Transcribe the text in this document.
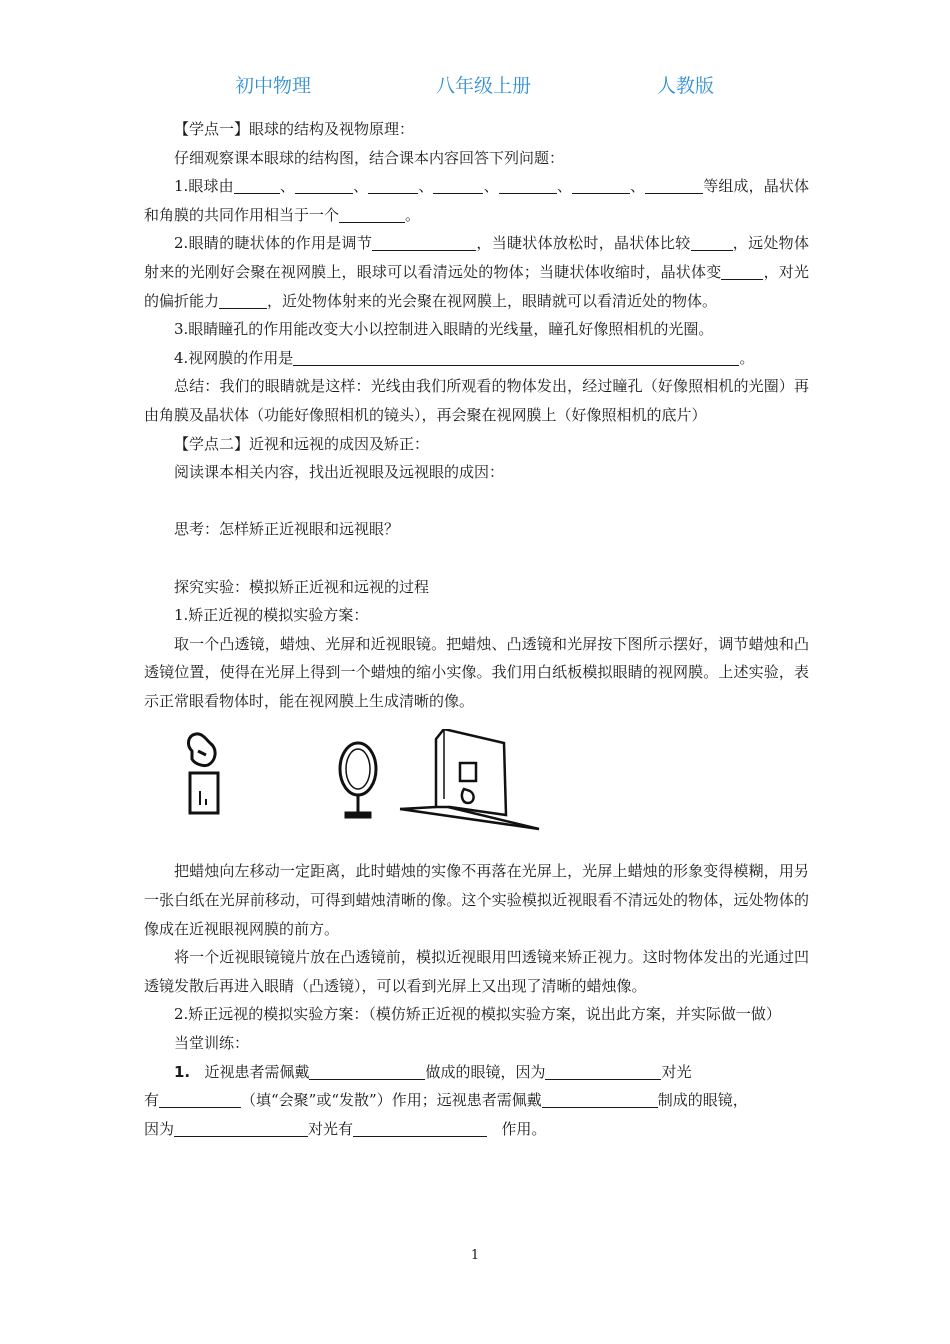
初中物理	八年级上册	人教版

【学点一】眼球的结构及视物原理：

仔细观察课本眼球的结构图，结合课本内容回答下列问题：

1.眼球由	、	、	、	、	、	、	等组成，晶状体和角膜的共同作用相当于一个	。

2.眼睛的睫状体的作用是调节	，当睫状体放松时，晶状体比较	，远处物体射来的光刚好会聚在视网膜上，眼球可以看清远处的物体；当睫状体收缩时，晶状体变	，对光的偏折能力	，近处物体射来的光会聚在视网膜上，眼睛就可以看清近处的物体。

3.眼睛瞳孔的作用能改变大小以控制进入眼睛的光线量，瞳孔好像照相机的光圈。

4.视网膜的作用是	。

总结：我们的眼睛就是这样：光线由我们所观看的物体发出，经过瞳孔（好像照相机的光圈）再由角膜及晶状体（功能好像照相机的镜头），再会聚在视网膜上（好像照相机的底片）

【学点二】近视和远视的成因及矫正：

阅读课本相关内容，找出近视眼及远视眼的成因：

思考：怎样矫正近视眼和远视眼？

探究实验：模拟矫正近视和远视的过程

1.矫正近视的模拟实验方案：

取一个凸透镜，蜡烛、光屏和近视眼镜。把蜡烛、凸透镜和光屏按下图所示摆好，调节蜡烛和凸透镜位置，使得在光屏上得到一个蜡烛的缩小实像。我们用白纸板模拟眼睛的视网膜。上述实验，表示正常眼看物体时，能在视网膜上生成清晰的像。

把蜡烛向左移动一定距离，此时蜡烛的实像不再落在光屏上，光屏上蜡烛的形象变得模糊，用另一张白纸在光屏前移动，可得到蜡烛清晰的像。这个实验模拟近视眼看不清远处的物体，远处物体的像成在近视眼视网膜的前方。

将一个近视眼镜镜片放在凸透镜前，模拟近视眼用凹透镜来矫正视力。这时物体发出的光通过凹透镜发散后再进入眼睛（凸透镜），可以看到光屏上又出现了清晰的蜡烛像。

2.矫正远视的模拟实验方案：（模仿矫正近视的模拟实验方案，说出此方案，并实际做一做）

当堂训练：

1. 近视患者需佩戴	做成的眼镜，因为	对光

有	（填“会聚”或“发散”）作用；远视患者需佩戴	制成的眼镜，

因为	对光有	作用。

1
